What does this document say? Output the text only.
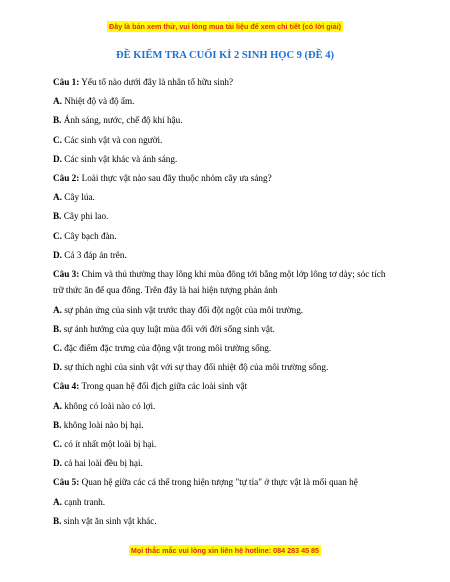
Đây là bản xem thử, vui lòng mua tài liệu để xem chi tiết (có lời giải)
ĐỀ KIỂM TRA CUỐI KÌ 2 SINH HỌC 9 (ĐỀ 4)
Câu 1: Yếu tố nào dưới đây là nhân tố hữu sinh?
A. Nhiệt độ và độ ẩm.
B. Ánh sáng, nước, chế độ khí hậu.
C. Các sinh vật và con người.
D. Các sinh vật khác và ánh sáng.
Câu 2: Loài thực vật nào sau đây thuộc nhóm cây ưa sáng?
A. Cây lúa.
B. Cây phi lao.
C. Cây bạch đàn.
D. Cả 3 đáp án trên.
Câu 3: Chim và thú thường thay lông khi mùa đông tới bằng một lớp lông tơ dày; sóc tích trữ thức ăn để qua đông. Trên đây là hai hiện tượng phản ánh
A. sự phản ứng của sinh vật trước thay đổi đột ngột của môi trường.
B. sự ảnh hưởng của quy luật mùa đối với đời sống sinh vật.
C. đặc điểm đặc trưng của động vật trong môi trường sống.
D. sự thích nghi của sinh vật với sự thay đổi nhiệt độ của môi trường sống.
Câu 4: Trong quan hệ đối địch giữa các loài sinh vật
A. không có loài nào có lợi.
B. không loài nào bị hại.
C. có ít nhất một loài bị hại.
D. cả hai loài đều bị hại.
Câu 5: Quan hệ giữa các cá thể trong hiện tượng "tự tỉa" ở thực vật là mối quan hệ
A. cạnh tranh.
B. sinh vật ăn sinh vật khác.
Mọi thắc mắc vui lòng xin liên hệ hotline: 084 283 45 85
